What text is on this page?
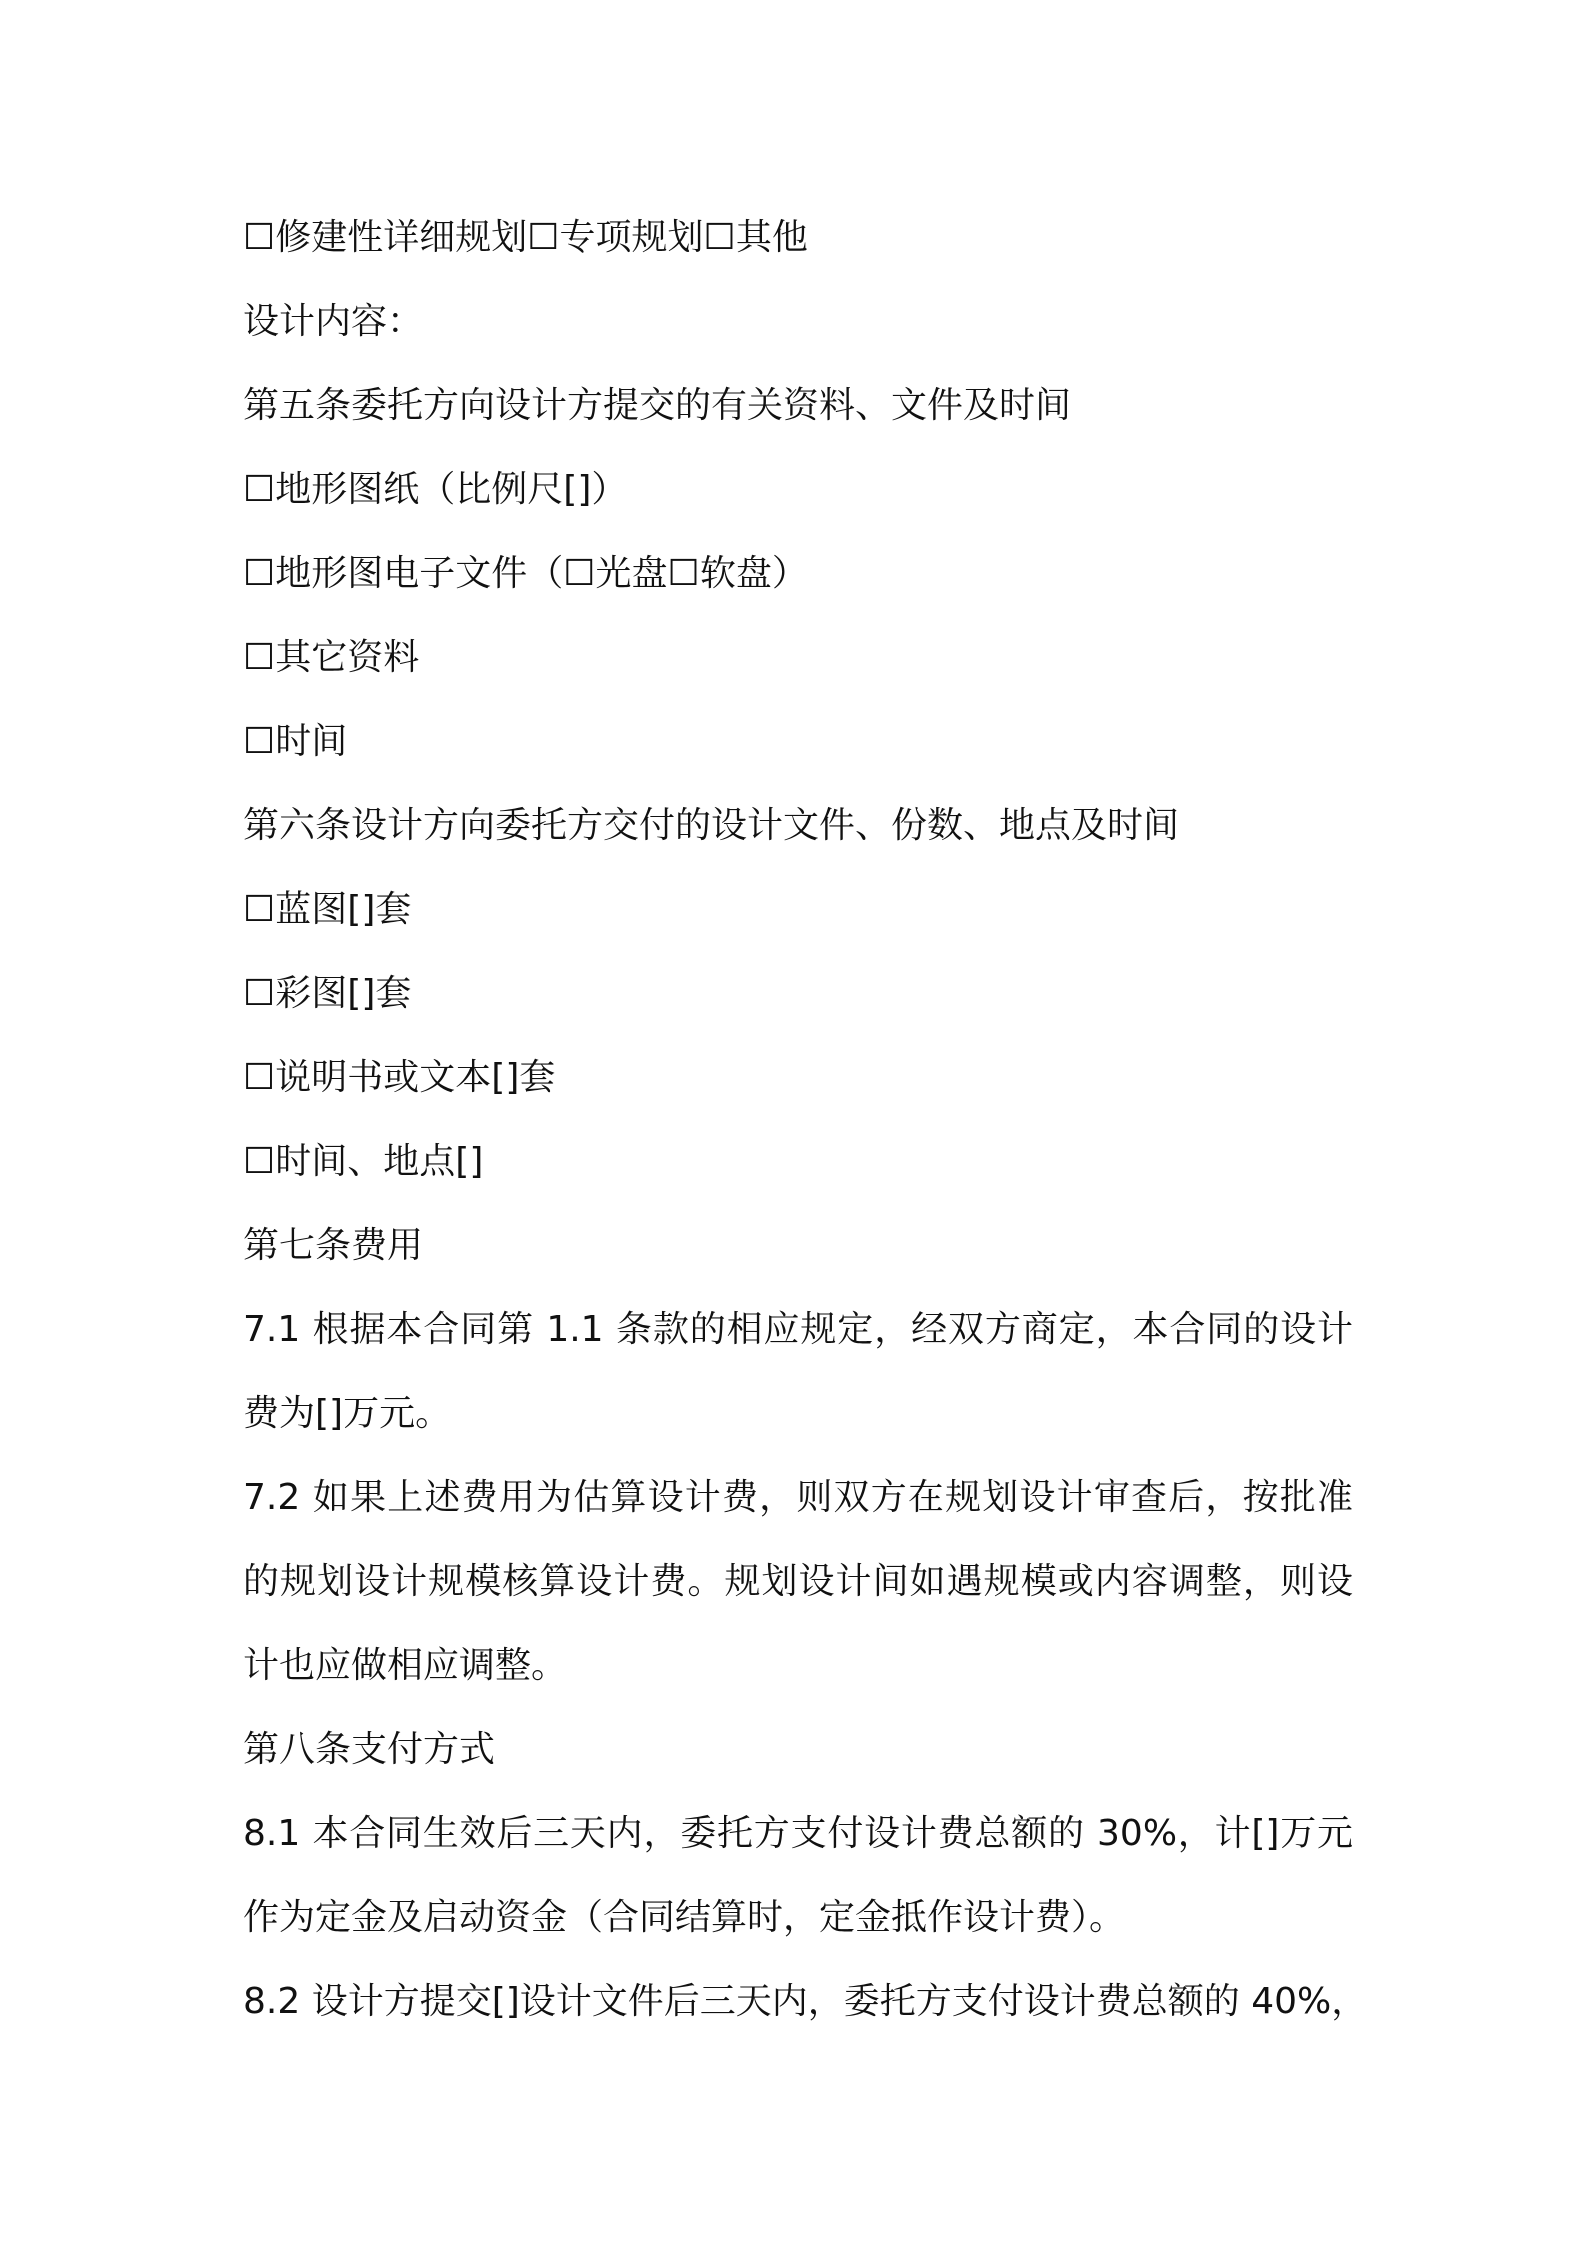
☐修建性详细规划☐专项规划☐其他
设计内容：
第五条委托方向设计方提交的有关资料、文件及时间
☐地形图纸（比例尺[]）
☐地形图电子文件（☐光盘☐软盘）
☐其它资料
☐时间
第六条设计方向委托方交付的设计文件、份数、地点及时间
☐蓝图[]套
☐彩图[]套
☐说明书或文本[]套
☐时间、地点[]
第七条费用
7.1 根据本合同第 1.1 条款的相应规定，经双方商定，本合同的设计
费为[]万元。
7.2 如果上述费用为估算设计费，则双方在规划设计审查后，按批准
的规划设计规模核算设计费。规划设计间如遇规模或内容调整，则设
计也应做相应调整。
第八条支付方式
8.1 本合同生效后三天内，委托方支付设计费总额的 30%，计[]万元
作为定金及启动资金（合同结算时，定金抵作设计费）。
8.2 设计方提交[]设计文件后三天内，委托方支付设计费总额的 40%，
